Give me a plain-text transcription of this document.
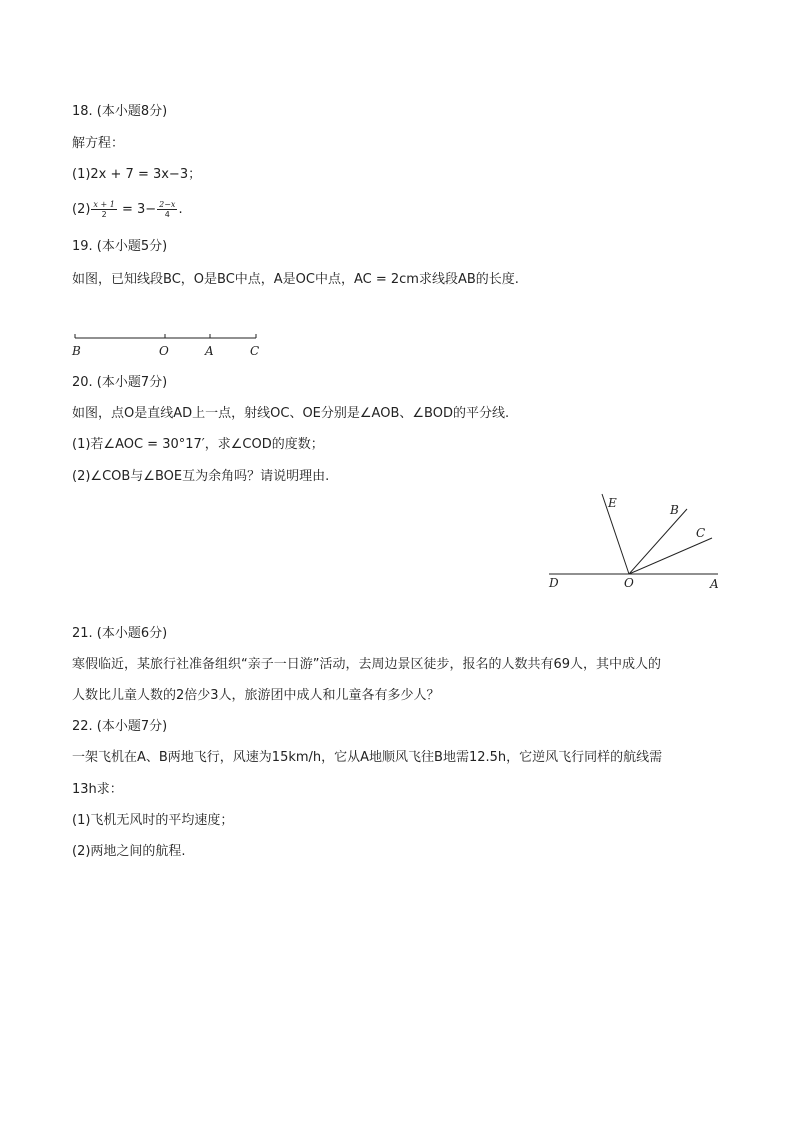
18. (本小题8分)
解方程：
(1)2x + 7 = 3x−3；
$(2) \frac{x + 1}{2} = 3- \frac{2-x}{4}$ .
19. (本小题5分)
如图，已知线段BC，O是BC中点，A是OC中点，AC = 2cm求线段AB的长度.
B	O	A	C
20. (本小题7分)
如图，点O是直线AD上一点，射线OC、OE分别是∠AOB、∠BOD的平分线.
(1)若∠AOC = 30°17′，求∠COD的度数；
(2)∠COB与∠BOE互为余角吗？请说明理由.
E	B
C
D	O	A
21. (本小题6分)
寒假临近，某旅行社准备组织“亲子一日游”活动，去周边景区徒步，报名的人数共有69人，其中成人的
人数比儿童人数的2倍少3人，旅游团中成人和儿童各有多少人？
22. (本小题7分)
一架飞机在A、B两地飞行，风速为15km/h，它从A地顺风飞往B地需12.5h，它逆风飞行同样的航线需
13h求：
(1)飞机无风时的平均速度；
(2)两地之间的航程.
